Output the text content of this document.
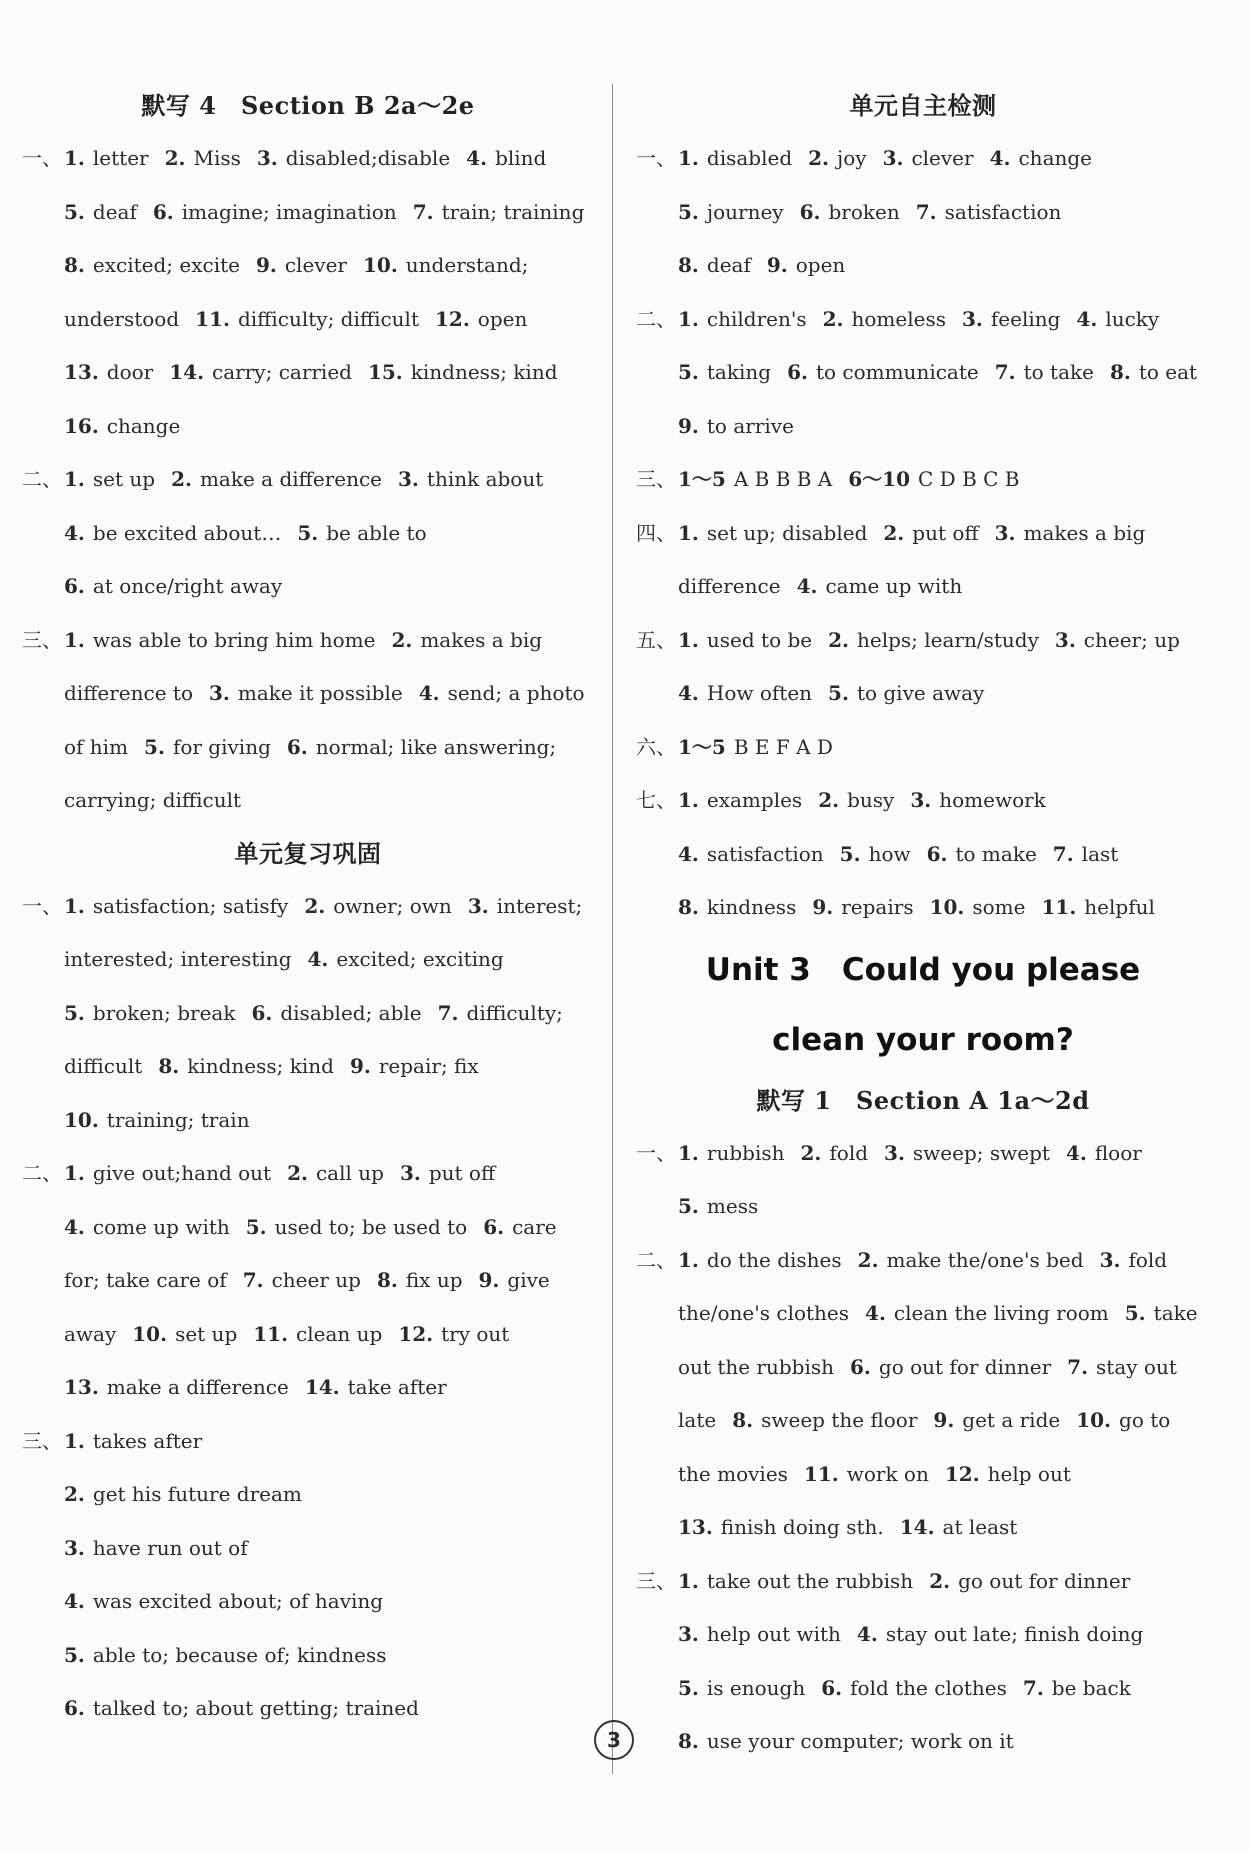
默写 4　Section B 2a～2e
一、 1. letter 2. Miss 3. disabled;disable 4. blind
5. deaf 6. imagine; imagination 7. train; training
8. excited; excite 9. clever 10. understand;
understood 11. difficulty; difficult 12. open
13. door 14. carry; carried 15. kindness; kind
16. change
二、 1. set up 2. make a difference 3. think about
4. be excited about… 5. be able to
6. at once/right away
三、 1. was able to bring him home 2. makes a big
difference to 3. make it possible 4. send; a photo
of him 5. for giving 6. normal; like answering;
carrying; difficult
单元复习巩固
一、 1. satisfaction; satisfy 2. owner; own 3. interest;
interested; interesting 4. excited; exciting
5. broken; break 6. disabled; able 7. difficulty;
difficult 8. kindness; kind 9. repair; fix
10. training; train
二、 1. give out;hand out 2. call up 3. put off
4. come up with 5. used to; be used to 6. care
for; take care of 7. cheer up 8. fix up 9. give
away 10. set up 11. clean up 12. try out
13. make a difference 14. take after
三、 1. takes after
2. get his future dream
3. have run out of
4. was excited about; of having
5. able to; because of; kindness
6. talked to; about getting; trained
单元自主检测
一、 1. disabled 2. joy 3. clever 4. change
5. journey 6. broken 7. satisfaction
8. deaf 9. open
二、 1. children's 2. homeless 3. feeling 4. lucky
5. taking 6. to communicate 7. to take 8. to eat
9. to arrive
三、 1～5 A B B B A 6～10 C D B C B
四、 1. set up; disabled 2. put off 3. makes a big
difference 4. came up with
五、 1. used to be 2. helps; learn/study 3. cheer; up
4. How often 5. to give away
六、 1～5 B E F A D
七、 1. examples 2. busy 3. homework
4. satisfaction 5. how 6. to make 7. last
8. kindness 9. repairs 10. some 11. helpful
Unit 3　Could you please
clean your room?
默写 1　Section A 1a～2d
一、 1. rubbish 2. fold 3. sweep; swept 4. floor
5. mess
二、 1. do the dishes 2. make the/one's bed 3. fold
the/one's clothes 4. clean the living room 5. take
out the rubbish 6. go out for dinner 7. stay out
late 8. sweep the floor 9. get a ride 10. go to
the movies 11. work on 12. help out
13. finish doing sth. 14. at least
三、 1. take out the rubbish 2. go out for dinner
3. help out with 4. stay out late; finish doing
5. is enough 6. fold the clothes 7. be back
8. use your computer; work on it
3
